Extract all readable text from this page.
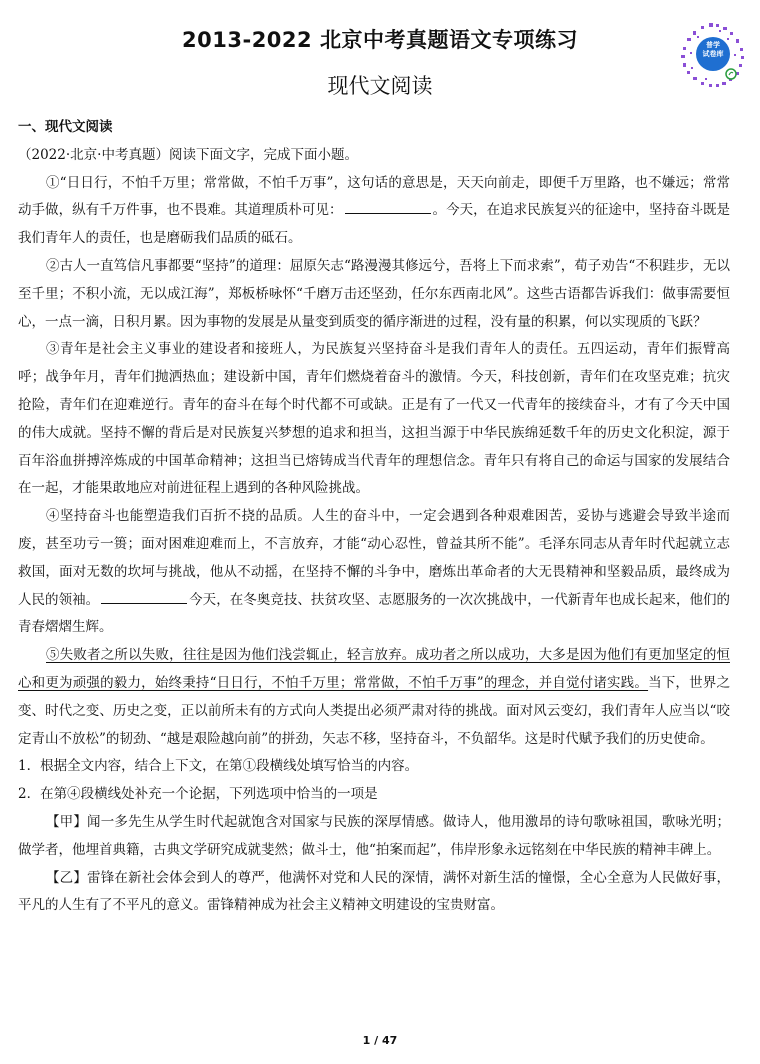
2013-2022 北京中考真题语文专项练习
现代文阅读
普学
试卷库

一、现代文阅读

（2022·北京·中考真题）阅读下面文字，完成下面小题。

①“日日行，不怕千万里；常常做，不怕千万事”，这句话的意思是，天天向前走，即便千万里路，也不嫌远；常常动手做，纵有千万件事，也不畏难。其道理质朴可见：	。今天，在追求民族复兴的征途中，坚持奋斗既是我们青年人的责任，也是磨砺我们品质的砥石。

②古人一直笃信凡事都要“坚持”的道理：屈原矢志“路漫漫其修远兮，吾将上下而求索”，荀子劝告“不积跬步，无以至千里；不积小流，无以成江海”，郑板桥咏怀“千磨万击还坚劲，任尔东西南北风”。这些古语都告诉我们：做事需要恒心，一点一滴，日积月累。因为事物的发展是从量变到质变的循序渐进的过程，没有量的积累，何以实现质的飞跃？

③青年是社会主义事业的建设者和接班人，为民族复兴坚持奋斗是我们青年人的责任。五四运动，青年们振臂高呼；战争年月，青年们抛洒热血；建设新中国，青年们燃烧着奋斗的激情。今天，科技创新，青年们在攻坚克难；抗灾抢险，青年们在迎难逆行。青年的奋斗在每个时代都不可或缺。正是有了一代又一代青年的接续奋斗，才有了今天中国的伟大成就。坚持不懈的背后是对民族复兴梦想的追求和担当，这担当源于中华民族绵延数千年的历史文化积淀，源于百年浴血拼搏淬炼成的中国革命精神；这担当已熔铸成当代青年的理想信念。青年只有将自己的命运与国家的发展结合在一起，才能果敢地应对前进征程上遇到的各种风险挑战。

④坚持奋斗也能塑造我们百折不挠的品质。人生的奋斗中，一定会遇到各种艰难困苦，妥协与逃避会导致半途而废，甚至功亏一篑；面对困难迎难而上，不言放弃，才能“动心忍性，曾益其所不能”。毛泽东同志从青年时代起就立志救国，面对无数的坎坷与挑战，他从不动摇，在坚持不懈的斗争中，磨炼出革命者的大无畏精神和坚毅品质，最终成为人民的领袖。	今天，在冬奥竞技、扶贫攻坚、志愿服务的一次次挑战中，一代新青年也成长起来，他们的青春熠熠生辉。

⑤失败者之所以失败，往往是因为他们浅尝辄止，轻言放弃。成功者之所以成功，大多是因为他们有更加坚定的恒心和更为顽强的毅力，始终秉持“日日行，不怕千万里；常常做，不怕千万事”的理念，并自觉付诸实践。当下，世界之变、时代之变、历史之变，正以前所未有的方式向人类提出必须严肃对待的挑战。面对风云变幻，我们青年人应当以“咬定青山不放松”的韧劲、“越是艰险越向前”的拼劲，矢志不移，坚持奋斗，不负韶华。这是时代赋予我们的历史使命。

1．根据全文内容，结合上下文，在第①段横线处填写恰当的内容。

2．在第④段横线处补充一个论据，下列选项中恰当的一项是

【甲】闻一多先生从学生时代起就饱含对国家与民族的深厚情感。做诗人，他用激昂的诗句歌咏祖国，歌咏光明；做学者，他埋首典籍，古典文学研究成就斐然；做斗士，他“拍案而起”，伟岸形象永远铭刻在中华民族的精神丰碑上。

【乙】雷锋在新社会体会到人的尊严，他满怀对党和人民的深情，满怀对新生活的憧憬，全心全意为人民做好事，平凡的人生有了不平凡的意义。雷锋精神成为社会主义精神文明建设的宝贵财富。

1 / 47
